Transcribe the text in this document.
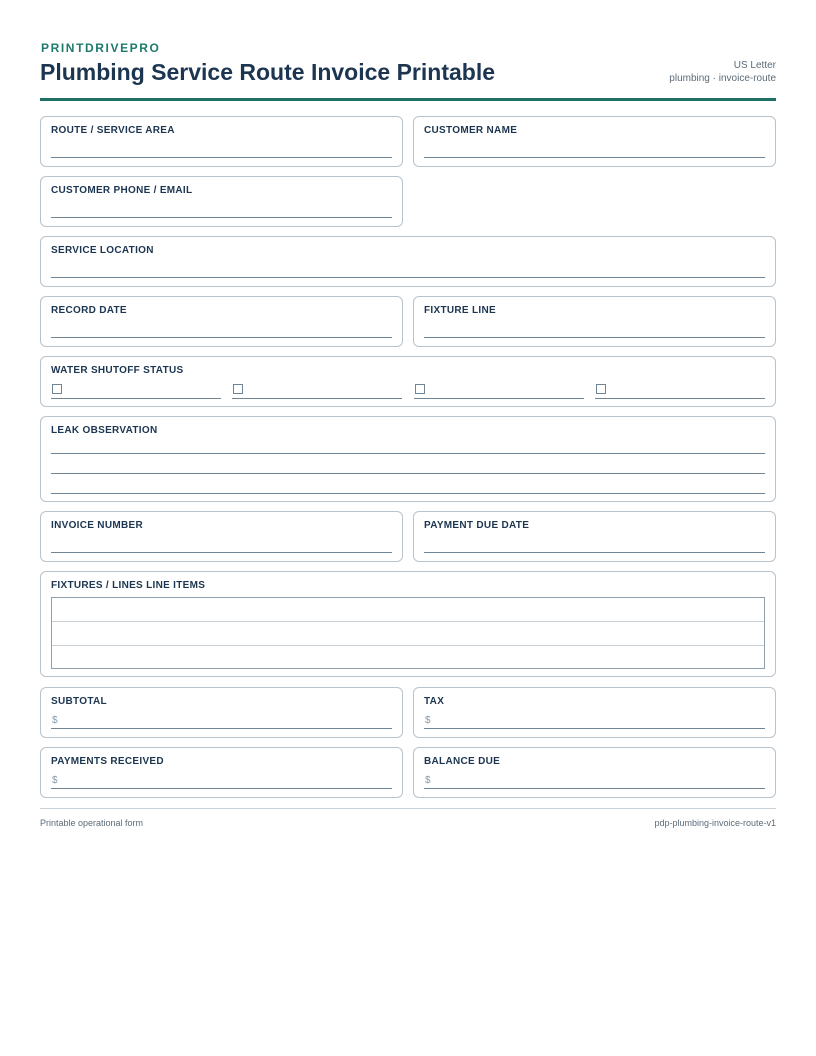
PRINTDRIVEPRO
Plumbing Service Route Invoice Printable	US Letter
plumbing · invoice-route
ROUTE / SERVICE AREA	CUSTOMER NAME
CUSTOMER PHONE / EMAIL
SERVICE LOCATION
RECORD DATE	FIXTURE LINE
WATER SHUTOFF STATUS
LEAK OBSERVATION
INVOICE NUMBER	PAYMENT DUE DATE
FIXTURES / LINES LINE ITEMS
SUBTOTAL
$
TAX
$
PAYMENTS RECEIVED
$
BALANCE DUE
$
Printable operational form	pdp-plumbing-invoice-route-v1
